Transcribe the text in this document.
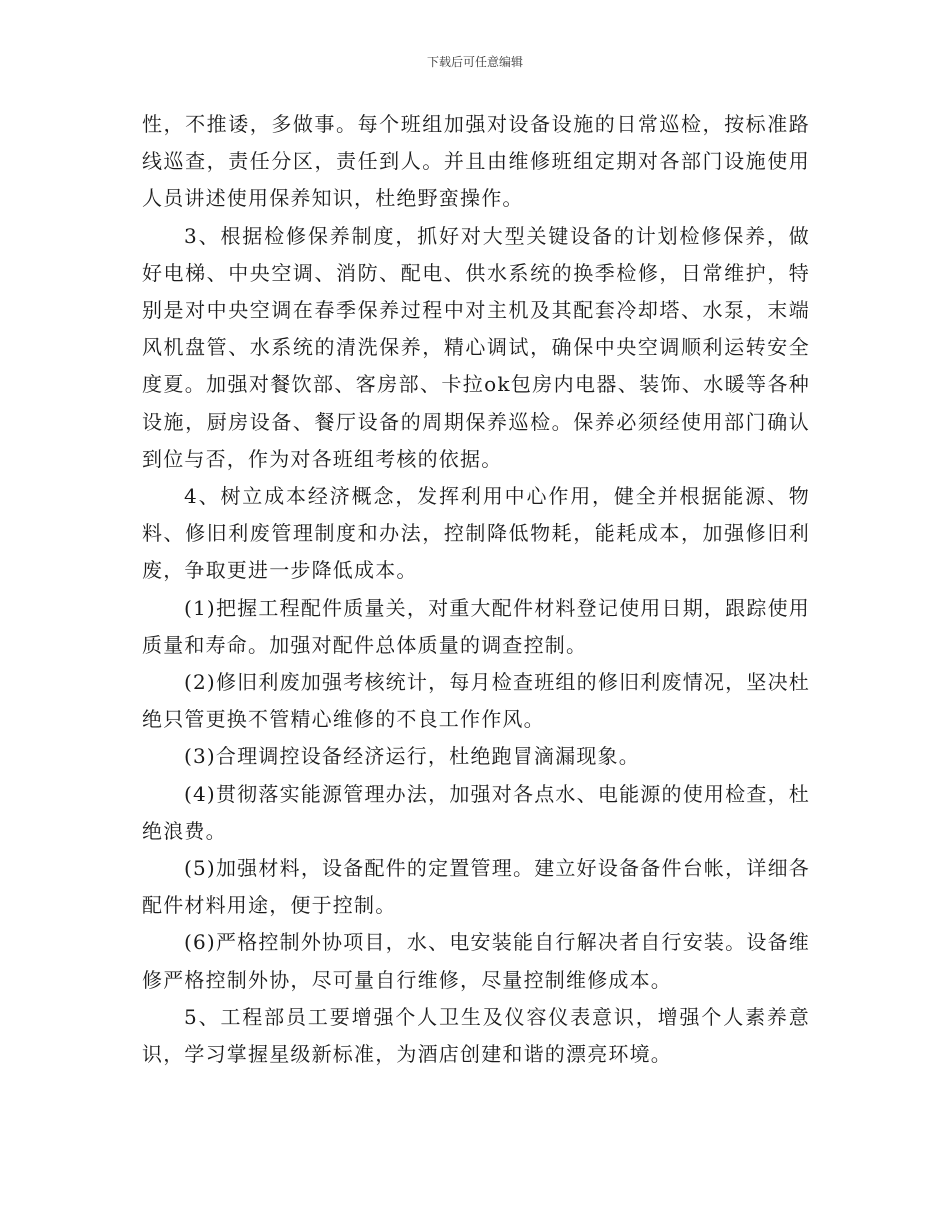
下载后可任意编辑

性，不推诿，多做事。每个班组加强对设备设施的日常巡检，按标准路线巡查，责任分区，责任到人。并且由维修班组定期对各部门设施使用人员讲述使用保养知识，杜绝野蛮操作。

3、根据检修保养制度，抓好对大型关键设备的计划检修保养，做好电梯、中央空调、消防、配电、供水系统的换季检修，日常维护，特别是对中央空调在春季保养过程中对主机及其配套冷却塔、水泵，末端风机盘管、水系统的清洗保养，精心调试，确保中央空调顺利运转安全度夏。加强对餐饮部、客房部、卡拉ok包房内电器、装饰、水暖等各种设施，厨房设备、餐厅设备的周期保养巡检。保养必须经使用部门确认到位与否，作为对各班组考核的依据。

4、树立成本经济概念，发挥利用中心作用，健全并根据能源、物料、修旧利废管理制度和办法，控制降低物耗，能耗成本，加强修旧利废，争取更进一步降低成本。

(1)把握工程配件质量关，对重大配件材料登记使用日期，跟踪使用质量和寿命。加强对配件总体质量的调查控制。

(2)修旧利废加强考核统计，每月检查班组的修旧利废情况，坚决杜绝只管更换不管精心维修的不良工作作风。

(3)合理调控设备经济运行，杜绝跑冒滴漏现象。

(4)贯彻落实能源管理办法，加强对各点水、电能源的使用检查，杜绝浪费。

(5)加强材料，设备配件的定置管理。建立好设备备件台帐，详细各配件材料用途，便于控制。

(6)严格控制外协项目，水、电安装能自行解决者自行安装。设备维修严格控制外协，尽可量自行维修，尽量控制维修成本。

5、工程部员工要增强个人卫生及仪容仪表意识，增强个人素养意识，学习掌握星级新标准，为酒店创建和谐的漂亮环境。
